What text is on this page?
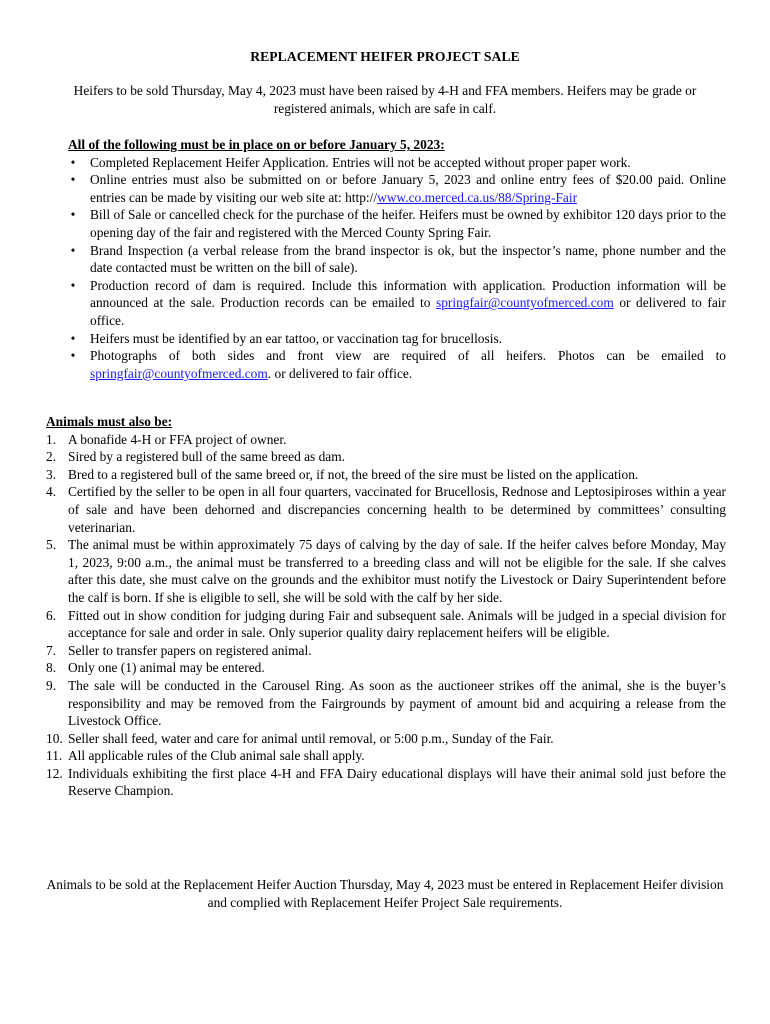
REPLACEMENT HEIFER PROJECT SALE
Heifers to be sold Thursday, May 4, 2023 must have been raised by 4-H and FFA members. Heifers may be grade or registered animals, which are safe in calf.
All of the following must be in place on or before January 5, 2023:
• Completed Replacement Heifer Application. Entries will not be accepted without proper paper work.
• Online entries must also be submitted on or before January 5, 2023 and online entry fees of $20.00 paid. Online entries can be made by visiting our web site at: http://www.co.merced.ca.us/88/Spring-Fair
• Bill of Sale or cancelled check for the purchase of the heifer. Heifers must be owned by exhibitor 120 days prior to the opening day of the fair and registered with the Merced County Spring Fair.
• Brand Inspection (a verbal release from the brand inspector is ok, but the inspector’s name, phone number and the date contacted must be written on the bill of sale).
• Production record of dam is required. Include this information with application. Production information will be announced at the sale. Production records can be emailed to springfair@countyofmerced.com or delivered to fair office.
• Heifers must be identified by an ear tattoo, or vaccination tag for brucellosis.
• Photographs of both sides and front view are required of all heifers. Photos can be emailed to springfair@countyofmerced.com. or delivered to fair office.
Animals must also be:
1. A bonafide 4-H or FFA project of owner.
2. Sired by a registered bull of the same breed as dam.
3. Bred to a registered bull of the same breed or, if not, the breed of the sire must be listed on the application.
4. Certified by the seller to be open in all four quarters, vaccinated for Brucellosis, Rednose and Leptosipiroses within a year of sale and have been dehorned and discrepancies concerning health to be determined by committees’ consulting veterinarian.
5. The animal must be within approximately 75 days of calving by the day of sale. If the heifer calves before Monday, May 1, 2023, 9:00 a.m., the animal must be transferred to a breeding class and will not be eligible for the sale. If she calves after this date, she must calve on the grounds and the exhibitor must notify the Livestock or Dairy Superintendent before the calf is born. If she is eligible to sell, she will be sold with the calf by her side.
6. Fitted out in show condition for judging during Fair and subsequent sale. Animals will be judged in a special division for acceptance for sale and order in sale. Only superior quality dairy replacement heifers will be eligible.
7. Seller to transfer papers on registered animal.
8. Only one (1) animal may be entered.
9. The sale will be conducted in the Carousel Ring. As soon as the auctioneer strikes off the animal, she is the buyer’s responsibility and may be removed from the Fairgrounds by payment of amount bid and acquiring a release from the Livestock Office.
10. Seller shall feed, water and care for animal until removal, or 5:00 p.m., Sunday of the Fair.
11. All applicable rules of the Club animal sale shall apply.
12. Individuals exhibiting the first place 4-H and FFA Dairy educational displays will have their animal sold just before the Reserve Champion.
Animals to be sold at the Replacement Heifer Auction Thursday, May 4, 2023 must be entered in Replacement Heifer division and complied with Replacement Heifer Project Sale requirements.
